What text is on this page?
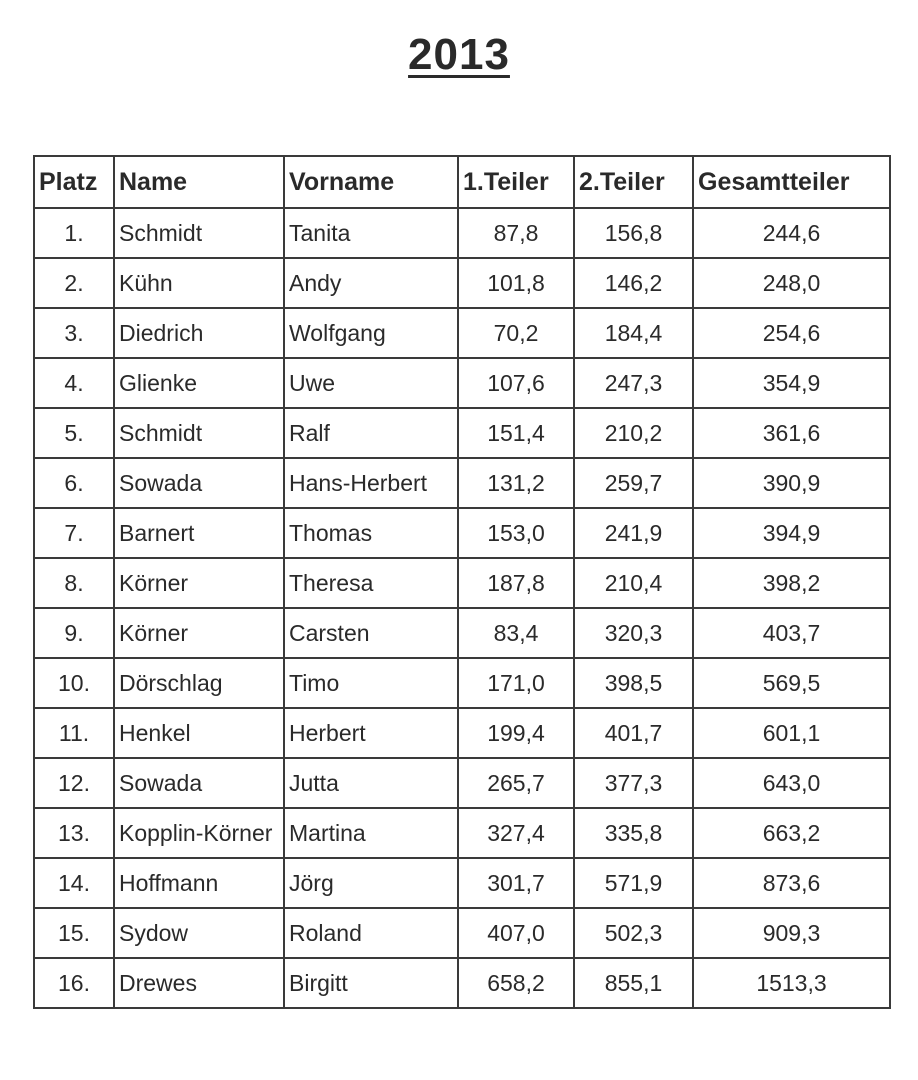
2013
Platz	Name	Vorname	1.Teiler	2.Teiler	Gesamtteiler
1.	Schmidt	Tanita	87,8	156,8	244,6
2.	Kühn	Andy	101,8	146,2	248,0
3.	Diedrich	Wolfgang	70,2	184,4	254,6
4.	Glienke	Uwe	107,6	247,3	354,9
5.	Schmidt	Ralf	151,4	210,2	361,6
6.	Sowada	Hans-Herbert	131,2	259,7	390,9
7.	Barnert	Thomas	153,0	241,9	394,9
8.	Körner	Theresa	187,8	210,4	398,2
9.	Körner	Carsten	83,4	320,3	403,7
10.	Dörschlag	Timo	171,0	398,5	569,5
11.	Henkel	Herbert	199,4	401,7	601,1
12.	Sowada	Jutta	265,7	377,3	643,0
13.	Kopplin-Körner	Martina	327,4	335,8	663,2
14.	Hoffmann	Jörg	301,7	571,9	873,6
15.	Sydow	Roland	407,0	502,3	909,3
16.	Drewes	Birgitt	658,2	855,1	1513,3
